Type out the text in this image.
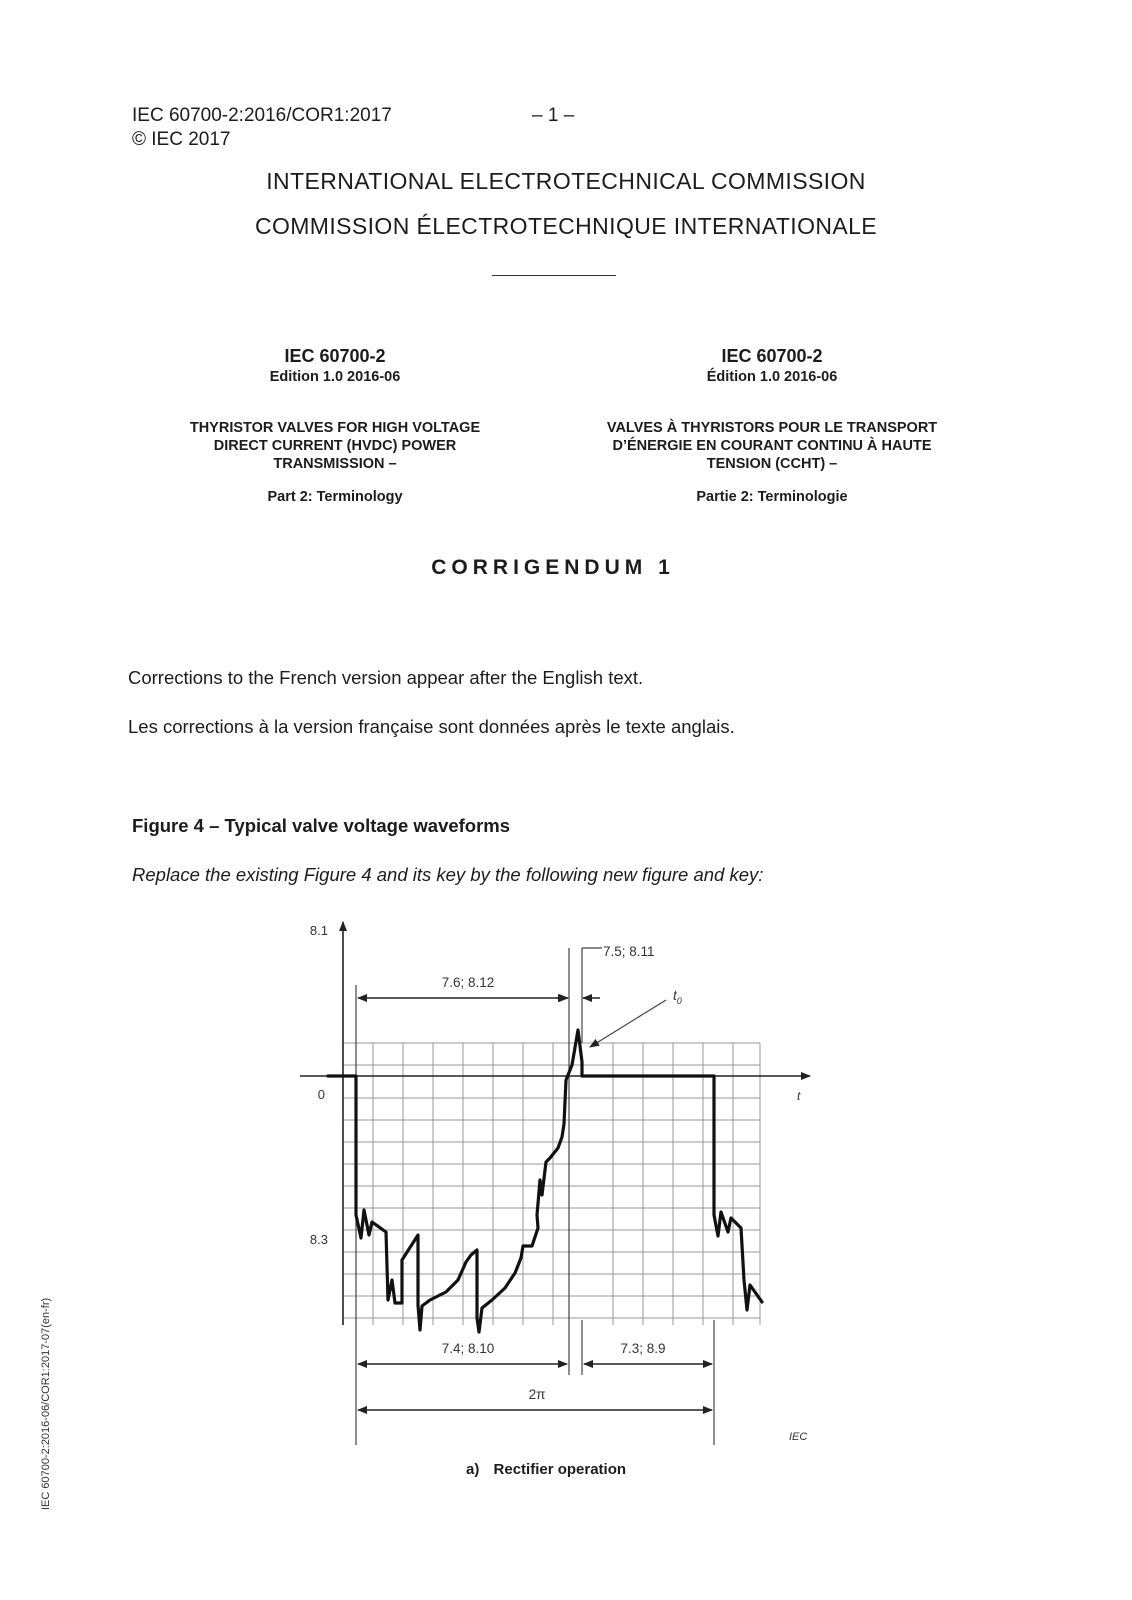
IEC 60700-2:2016/COR1:2017
© IEC 2017
– 1 –
INTERNATIONAL ELECTROTECHNICAL COMMISSION
COMMISSION ÉLECTROTECHNIQUE INTERNATIONALE
IEC 60700-2
Edition 1.0 2016-06
THYRISTOR VALVES FOR HIGH VOLTAGE
DIRECT CURRENT (HVDC) POWER
TRANSMISSION –
Part 2: Terminology
IEC 60700-2
Édition 1.0 2016-06
VALVES À THYRISTORS POUR LE TRANSPORT
D’ÉNERGIE EN COURANT CONTINU À HAUTE
TENSION (CCHT) –
Partie 2: Terminologie
CORRIGENDUM 1
Corrections to the French version appear after the English text.
Les corrections à la version française sont données après le texte anglais.
Figure 4 – Typical valve voltage waveforms
Replace the existing Figure 4 and its key by the following new figure and key:
8.1
0
8.3
t
7.5; 8.11
7.6; 8.12
$t_0$
7.4; 8.10	7.3; 8.9
2π
IEC
a) Rectifier operation
IEC 60700-2:2016-06/COR1:2017-07(en-fr)
